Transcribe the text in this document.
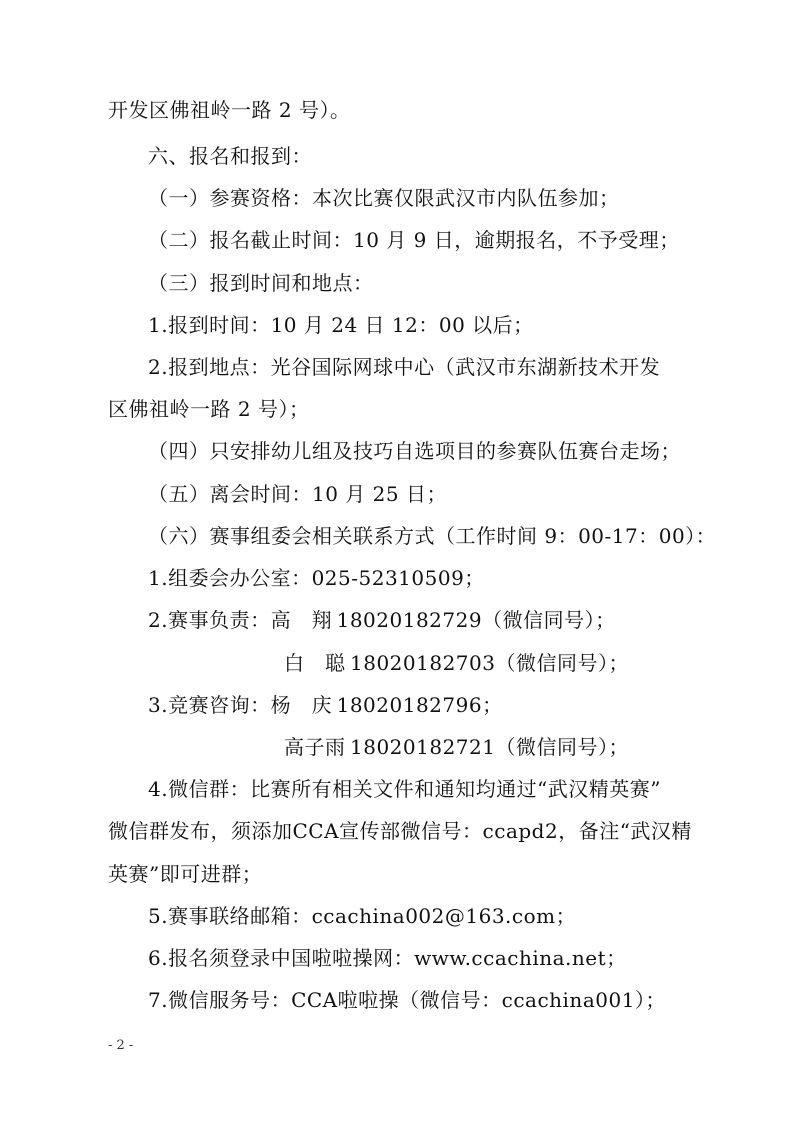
开发区佛祖岭一路 2 号）。
六、报名和报到：
（一）参赛资格：本次比赛仅限武汉市内队伍参加；
（二）报名截止时间：10 月 9 日，逾期报名，不予受理；
（三）报到时间和地点：
1.报到时间：10 月 24 日 12：00 以后；
2.报到地点：光谷国际网球中心（武汉市东湖新技术开发
区佛祖岭一路 2 号）；
（四）只安排幼儿组及技巧自选项目的参赛队伍赛台走场；
（五）离会时间：10 月 25 日；
（六）赛事组委会相关联系方式（工作时间 9：00-17：00）：
1.组委会办公室：025-52310509；
2.赛事负责：高　翔 18020182729（微信同号）；
白　聪 18020182703（微信同号）；
3.竞赛咨询：杨　庆 18020182796；
高子雨 18020182721（微信同号）；
4.微信群：比赛所有相关文件和通知均通过“武汉精英赛”
微信群发布，须添加CCA宣传部微信号：ccapd2，备注“武汉精
英赛”即可进群；
5.赛事联络邮箱：ccachina002@163.com；
6.报名须登录中国啦啦操网：www.ccachina.net；
7.微信服务号：CCA啦啦操（微信号：ccachina001）；
- 2 -
